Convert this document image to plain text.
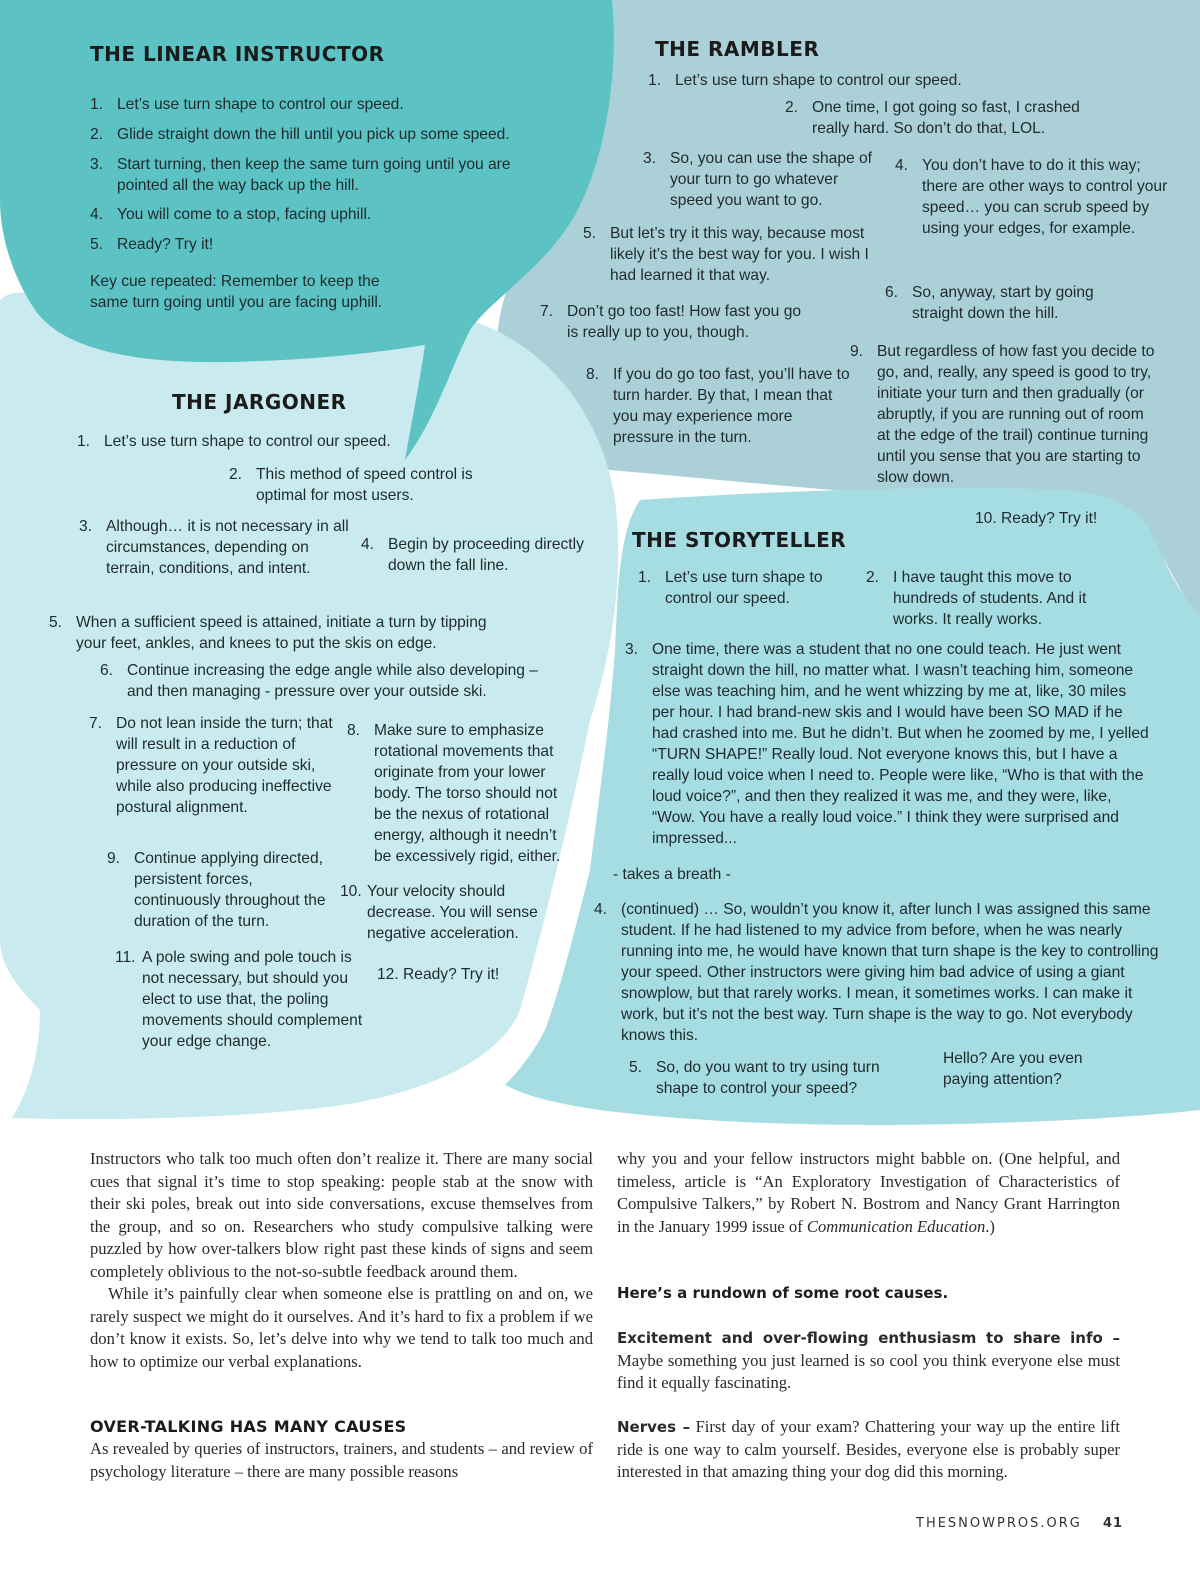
THE LINEAR INSTRUCTOR
1. Let’s use turn shape to control our speed.
2. Glide straight down the hill until you pick up some speed.
3. Start turning, then keep the same turn going until you are pointed all the way back up the hill.
4. You will come to a stop, facing uphill.
5. Ready? Try it!
Key cue repeated: Remember to keep the same turn going until you are facing uphill.
THE RAMBLER
1. Let’s use turn shape to control our speed.
2. One time, I got going so fast, I crashed really hard. So don’t do that, LOL.
3. So, you can use the shape of your turn to go whatever speed you want to go.
4. You don’t have to do it this way; there are other ways to control your speed… you can scrub speed by using your edges, for example.
5. But let’s try it this way, because most likely it’s the best way for you. I wish I had learned it that way.
6. So, anyway, start by going straight down the hill.
7. Don’t go too fast! How fast you go is really up to you, though.
8. If you do go too fast, you’ll have to turn harder. By that, I mean that you may experience more pressure in the turn.
9. But regardless of how fast you decide to go, and, really, any speed is good to try, initiate your turn and then gradually (or abruptly, if you are running out of room at the edge of the trail) continue turning until you sense that you are starting to slow down.
10. Ready? Try it!
THE JARGONER
1. Let’s use turn shape to control our speed.
2. This method of speed control is optimal for most users.
3. Although… it is not necessary in all circumstances, depending on terrain, conditions, and intent.
4. Begin by proceeding directly down the fall line.
5. When a sufficient speed is attained, initiate a turn by tipping your feet, ankles, and knees to put the skis on edge.
6. Continue increasing the edge angle while also developing – and then managing - pressure over your outside ski.
7. Do not lean inside the turn; that will result in a reduction of pressure on your outside ski, while also producing ineffective postural alignment.
8. Make sure to emphasize rotational movements that originate from your lower body. The torso should not be the nexus of rotational energy, although it needn’t be excessively rigid, either.
9. Continue applying directed, persistent forces, continuously throughout the duration of the turn.
10. Your velocity should decrease. You will sense negative acceleration.
11. A pole swing and pole touch is not necessary, but should you elect to use that, the poling movements should complement your edge change.
12. Ready? Try it!
THE STORYTELLER
1. Let’s use turn shape to control our speed.
2. I have taught this move to hundreds of students. And it works. It really works.
3. One time, there was a student that no one could teach. He just went straight down the hill, no matter what. I wasn’t teaching him, someone else was teaching him, and he went whizzing by me at, like, 30 miles per hour. I had brand-new skis and I would have been SO MAD if he had crashed into me. But he didn’t. But when he zoomed by me, I yelled “TURN SHAPE!” Really loud. Not everyone knows this, but I have a really loud voice when I need to. People were like, “Who is that with the loud voice?”, and then they realized it was me, and they were, like, “Wow. You have a really loud voice.” I think they were surprised and impressed...
- takes a breath -
4. (continued) … So, wouldn’t you know it, after lunch I was assigned this same student. If he had listened to my advice from before, when he was nearly running into me, he would have known that turn shape is the key to controlling your speed. Other instructors were giving him bad advice of using a giant snowplow, but that rarely works. I mean, it sometimes works. I can make it work, but it’s not the best way. Turn shape is the way to go. Not everybody knows this.
5. So, do you want to try using turn shape to control your speed?
Hello? Are you even paying attention?

Instructors who talk too much often don’t realize it. There are many social cues that signal it’s time to stop speaking: people stab at the snow with their ski poles, break out into side conversations, excuse themselves from the group, and so on. Researchers who study compulsive talking were puzzled by how over-talkers blow right past these kinds of signs and seem completely oblivious to the not-so-subtle feedback around them.

While it’s painfully clear when someone else is prattling on and on, we rarely suspect we might do it ourselves. And it’s hard to fix a problem if we don’t know it exists. So, let’s delve into why we tend to talk too much and how to optimize our verbal explanations.

OVER-TALKING HAS MANY CAUSES
As revealed by queries of instructors, trainers, and students – and review of psychology literature – there are many possible reasons
why you and your fellow instructors might babble on. (One helpful, and timeless, article is “An Exploratory Investigation of Characteristics of Compulsive Talkers,” by Robert N. Bostrom and Nancy Grant Harrington in the January 1999 issue of Communication Education.)
Here’s a rundown of some root causes.
Excitement and over-flowing enthusiasm to share info – Maybe something you just learned is so cool you think everyone else must find it equally fascinating.
Nerves – First day of your exam? Chattering your way up the entire lift ride is one way to calm yourself. Besides, everyone else is probably super interested in that amazing thing your dog did this morning.
THESNOWPROS.ORG 41
